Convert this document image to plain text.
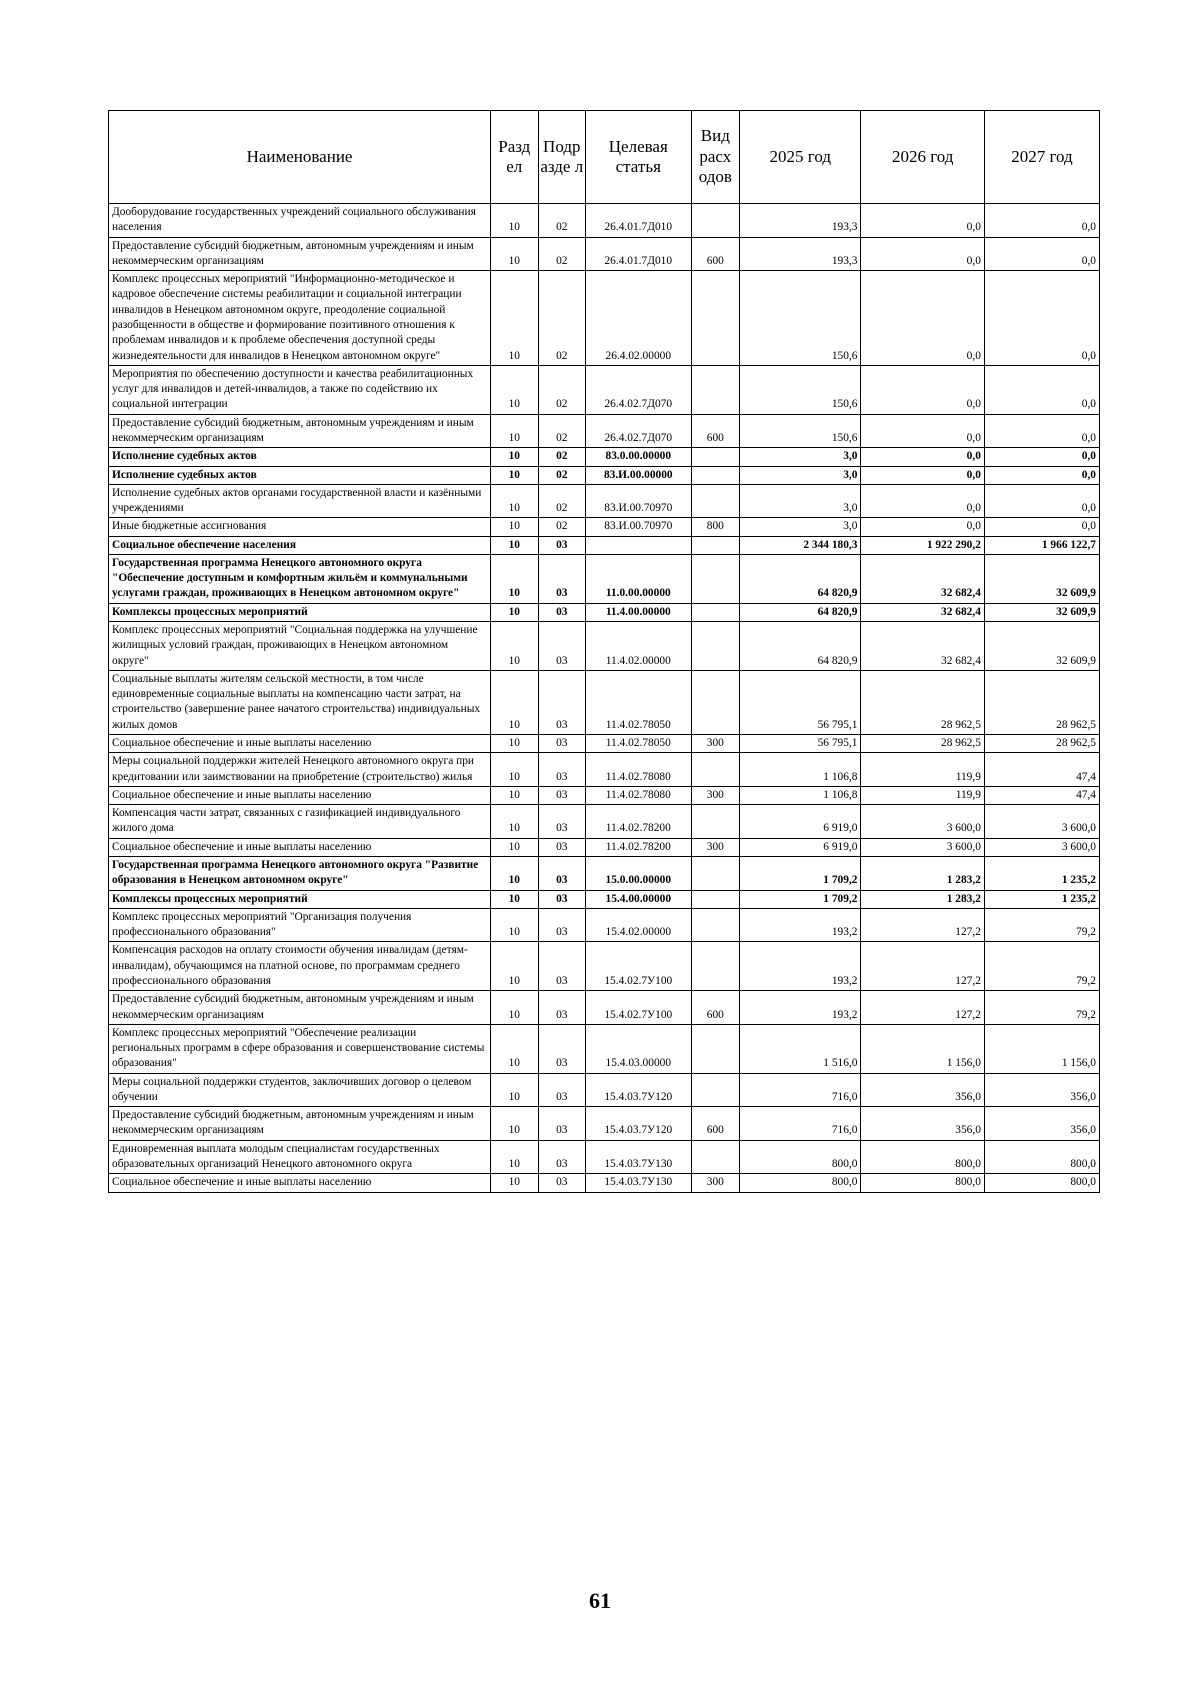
Наименование	Разд ел	Подр азде л	Целевая статья	Вид расх одов	2025 год	2026 год	2027 год
Дооборудование государственных учреждений социального обслуживания населения	10	02	26.4.01.7Д010		193,3	0,0	0,0
Предоставление субсидий бюджетным, автономным учреждениям и иным некоммерческим организациям	10	02	26.4.01.7Д010	600	193,3	0,0	0,0
Комплекс процессных мероприятий "Информационно-методическое и кадровое обеспечение системы реабилитации и социальной интеграции инвалидов в Ненецком автономном округе, преодоление социальной разобщенности в обществе и формирование позитивного отношения к проблемам инвалидов и к проблеме обеспечения доступной среды жизнедеятельности для инвалидов в Ненецком автономном округе"	10	02	26.4.02.00000		150,6	0,0	0,0
Мероприятия по обеспечению доступности и качества реабилитационных услуг для инвалидов и детей-инвалидов, а также по содействию их социальной интеграции	10	02	26.4.02.7Д070		150,6	0,0	0,0
Предоставление субсидий бюджетным, автономным учреждениям и иным некоммерческим организациям	10	02	26.4.02.7Д070	600	150,6	0,0	0,0
Исполнение судебных актов	10	02	83.0.00.00000		3,0	0,0	0,0
Исполнение судебных актов	10	02	83.И.00.00000		3,0	0,0	0,0
Исполнение судебных актов органами государственной власти и казёнными учреждениями	10	02	83.И.00.70970		3,0	0,0	0,0
Иные бюджетные ассигнования	10	02	83.И.00.70970	800	3,0	0,0	0,0
Социальное обеспечение населения	10	03			2 344 180,3	1 922 290,2	1 966 122,7
Государственная программа Ненецкого автономного округа "Обеспечение доступным и комфортным жильём и коммунальными услугами граждан, проживающих в Ненецком автономном округе"	10	03	11.0.00.00000		64 820,9	32 682,4	32 609,9
Комплексы процессных мероприятий	10	03	11.4.00.00000		64 820,9	32 682,4	32 609,9
Комплекс процессных мероприятий "Социальная поддержка на улучшение жилищных условий граждан, проживающих в Ненецком автономном округе"	10	03	11.4.02.00000		64 820,9	32 682,4	32 609,9
Социальные выплаты жителям сельской местности, в том числе единовременные социальные выплаты на компенсацию части затрат, на строительство (завершение ранее начатого строительства) индивидуальных жилых домов	10	03	11.4.02.78050		56 795,1	28 962,5	28 962,5
Социальное обеспечение и иные выплаты населению	10	03	11.4.02.78050	300	56 795,1	28 962,5	28 962,5
Меры социальной поддержки жителей Ненецкого автономного округа при кредитовании или заимствовании на приобретение (строительство) жилья	10	03	11.4.02.78080		1 106,8	119,9	47,4
Социальное обеспечение и иные выплаты населению	10	03	11.4.02.78080	300	1 106,8	119,9	47,4
Компенсация части затрат, связанных с газификацией индивидуального жилого дома	10	03	11.4.02.78200		6 919,0	3 600,0	3 600,0
Социальное обеспечение и иные выплаты населению	10	03	11.4.02.78200	300	6 919,0	3 600,0	3 600,0
Государственная программа Ненецкого автономного округа "Развитие образования в Ненецком автономном округе"	10	03	15.0.00.00000		1 709,2	1 283,2	1 235,2
Комплексы процессных мероприятий	10	03	15.4.00.00000		1 709,2	1 283,2	1 235,2
Комплекс процессных мероприятий "Организация получения профессионального образования"	10	03	15.4.02.00000		193,2	127,2	79,2
Компенсация расходов на оплату стоимости обучения инвалидам (детям-инвалидам), обучающимся на платной основе, по программам среднего профессионального образования	10	03	15.4.02.7У100		193,2	127,2	79,2
Предоставление субсидий бюджетным, автономным учреждениям и иным некоммерческим организациям	10	03	15.4.02.7У100	600	193,2	127,2	79,2
Комплекс процессных мероприятий "Обеспечение реализации региональных программ в сфере образования и совершенствование системы образования"	10	03	15.4.03.00000		1 516,0	1 156,0	1 156,0
Меры социальной поддержки студентов, заключивших договор о целевом обучении	10	03	15.4.03.7У120		716,0	356,0	356,0
Предоставление субсидий бюджетным, автономным учреждениям и иным некоммерческим организациям	10	03	15.4.03.7У120	600	716,0	356,0	356,0
Единовременная выплата молодым специалистам государственных образовательных организаций Ненецкого автономного округа	10	03	15.4.03.7У130		800,0	800,0	800,0
Социальное обеспечение и иные выплаты населению	10	03	15.4.03.7У130	300	800,0	800,0	800,0
61
